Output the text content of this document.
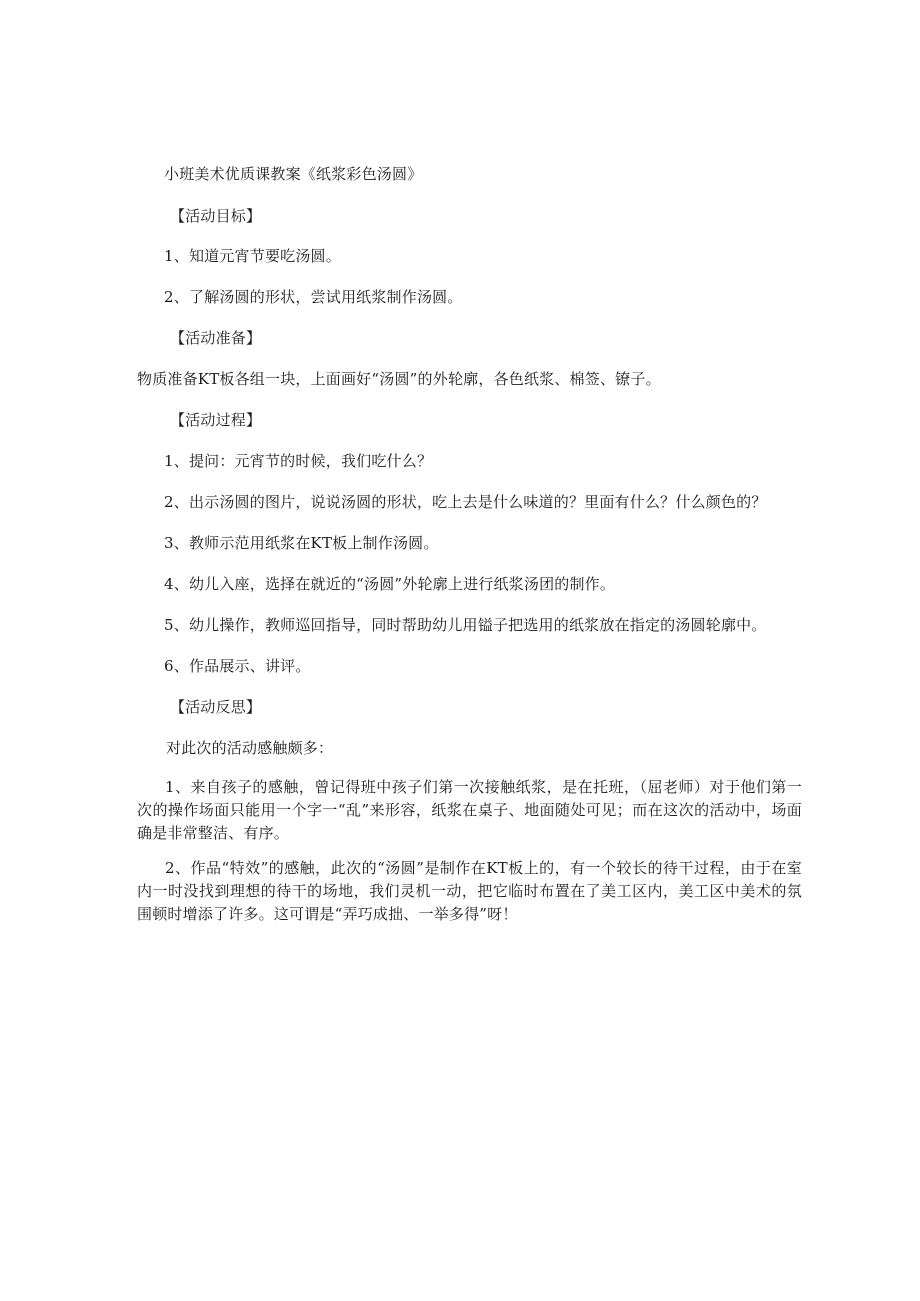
小班美术优质课教案《纸浆彩色汤圆》
【活动目标】
1、知道元宵节要吃汤圆。
2、了解汤圆的形状，尝试用纸浆制作汤圆。
【活动准备】
物质准备KT板各组一块，上面画好“汤圆”的外轮廓，各色纸浆、棉签、镣子。
【活动过程】
1、提问：元宵节的时候，我们吃什么？
2、出示汤圆的图片，说说汤圆的形状，吃上去是什么味道的？里面有什么？什么颜色的？
3、教师示范用纸浆在KT板上制作汤圆。
4、幼儿入座，选择在就近的“汤圆”外轮廓上进行纸浆汤团的制作。
5、幼儿操作，教师巡回指导，同时帮助幼儿用镒子把选用的纸浆放在指定的汤圆轮廓中。
6、作品展示、讲评。
【活动反思】
对此次的活动感触颇多：
1、来自孩子的感触，曾记得班中孩子们第一次接触纸浆，是在托班，（屈老师）对于他们第一次的操作场面只能用一个字一“乱”来形容，纸浆在桌子、地面随处可见；而在这次的活动中，场面确是非常整洁、有序。
2、作品“特效”的感触，此次的“汤圆”是制作在KT板上的，有一个较长的待干过程，由于在室内一时没找到理想的待干的场地，我们灵机一动，把它临时布置在了美工区内，美工区中美术的氛围顿时增添了许多。这可谓是“弄巧成拙、一举多得”呀！
